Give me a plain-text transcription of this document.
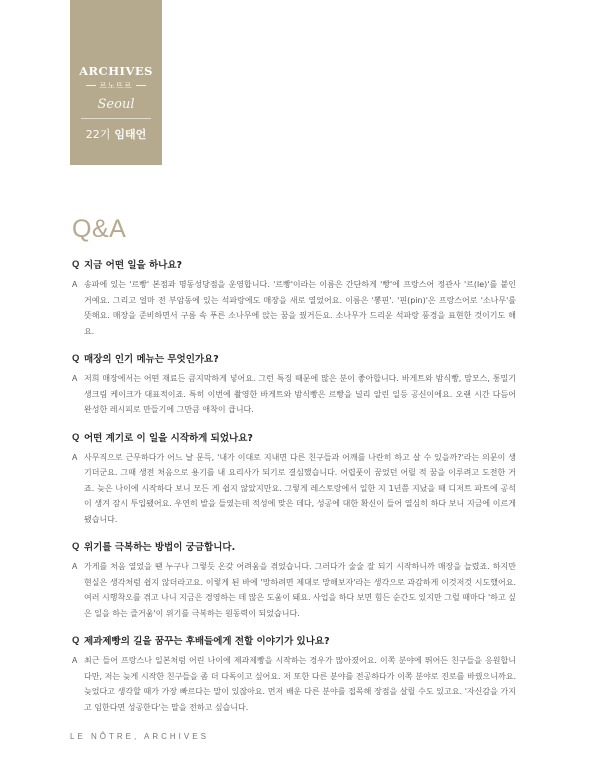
ARCHIVES
르노뜨르
Seoul
22기 임태언
Q&A
Q 지금 어떤 일을 하나요?
A 송파에 있는 '르빵' 본점과 명동성당점을 운영합니다. '르빵'이라는 이름은 간단하게 '빵'에 프랑스어 정관사 '르(le)'를 붙인 거예요. 그리고 얼마 전 부암동에 있는 석파랑에도 매장을 새로 열었어요. 이름은 '뽕핀'. '핀(pin)'은 프랑스어로 '소나무'를 뜻해요. 매장을 준비하면서 구름 속 푸른 소나무에 앉는 꿈을 꿨거든요. 소나무가 드리운 석파랑 풍경을 표현한 것이기도 해요.
Q 매장의 인기 메뉴는 무엇인가요?
A 저희 매장에서는 어떤 재료든 큼지막하게 넣어요. 그런 특징 때문에 많은 분이 좋아합니다. 바게트와 밤식빵, 맘모스, 통밀기생크림 케이크가 대표적이죠. 특히 이번에 촬영한 바게트와 밤식빵은 르빵을 널리 알린 일등 공신이에요. 오랜 시간 다듬어 완성한 레시피로 만들기에 그만큼 애착이 큽니다.
Q 어떤 계기로 이 일을 시작하게 되었나요?
A 사무직으로 근무하다가 어느 날 문득, '내가 이대로 지내면 다른 친구들과 어깨를 나란히 하고 살 수 있을까?'라는 의문이 생기더군요. 그때 생전 처음으로 용기를 내 요리사가 되기로 결심했습니다. 어렵풋이 꿈었던 어릴 적 꿈을 이루려고 도전한 거죠. 늦은 나이에 시작하다 보니 모든 게 쉽지 않았지만요. 그렇게 레스토랑에서 일한 지 1년쯤 지났을 때 디저트 파트에 공석이 생겨 잠시 투입됐어요. 우연히 발을 들였는데 적성에 맞은 데다, 성공에 대한 확신이 들어 열심히 하다 보니 지금에 이르게 됐습니다.
Q 위기를 극복하는 방법이 궁금합니다.
A 가게를 처음 열었을 땐 누구나 그렇듯 온갖 어려움을 겪었습니다. 그러다가 술술 잘 되기 시작하니까 매장을 늘렸죠. 하지만 현실은 생각처럼 쉽지 않더라고요. 이렇게 된 바에 '망하려면 제대로 망해보자'라는 생각으로 과감하게 이것저것 시도했어요. 여러 시행착오를 겪고 나니 지금은 경영하는 데 많은 도움이 돼요. 사업을 하다 보면 힘든 순간도 있지만 그럴 때마다 '하고 싶은 일을 하는 즐거움'이 위기를 극복하는 원동력이 되었습니다.
Q 제과제빵의 길을 꿈꾸는 후배들에게 전할 이야기가 있나요?
A 최근 들어 프랑스나 일본처럼 어린 나이에 제과제빵을 시작하는 경우가 많아졌어요. 이쪽 분야에 뛰어든 친구들을 응원합니다만, 저는 늦게 시작한 친구들을 좀 더 다독이고 싶어요. 저 또한 다른 분야를 전공하다가 이쪽 분야로 진로를 바꿨으니까요. 늦었다고 생각할 때가 가장 빠르다는 말이 있잖아요. 먼저 배운 다른 분야를 접목해 장점을 살릴 수도 있고요. '자신감을 가지고 임한다면 성공한다'는 말을 전하고 싶습니다.
LE NÔTRE, ARCHIVES
